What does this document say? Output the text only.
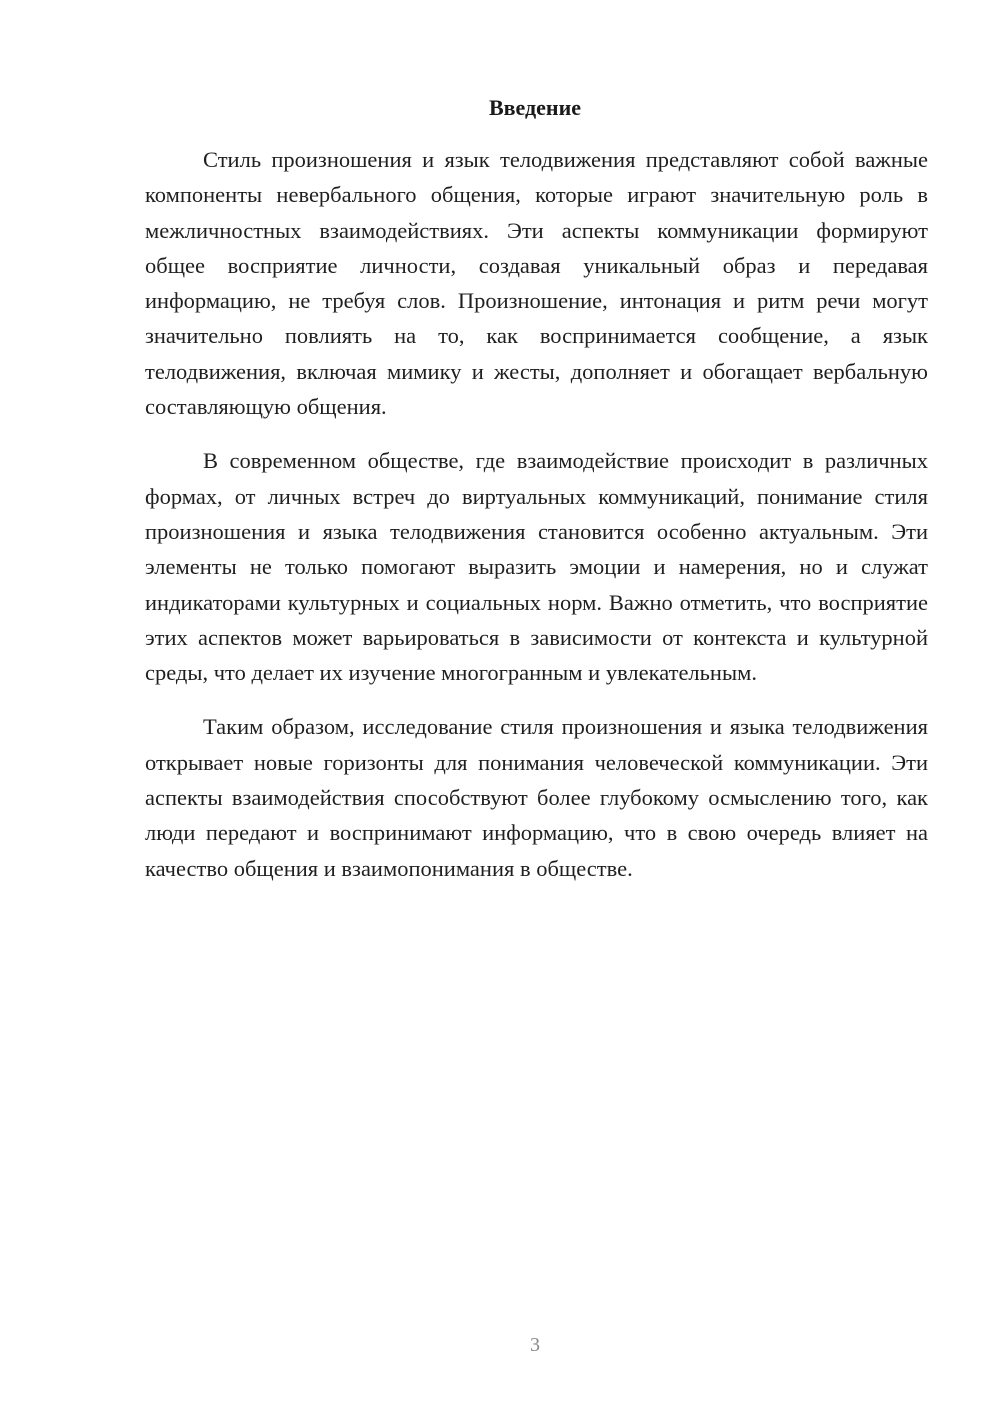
Введение

Стиль произношения и язык телодвижения представляют собой важные компоненты невербального общения, которые играют значительную роль в межличностных взаимодействиях. Эти аспекты коммуникации формируют общее восприятие личности, создавая уникальный образ и передавая информацию, не требуя слов. Произношение, интонация и ритм речи могут значительно повлиять на то, как воспринимается сообщение, а язык телодвижения, включая мимику и жесты, дополняет и обогащает вербальную составляющую общения.

В современном обществе, где взаимодействие происходит в различных формах, от личных встреч до виртуальных коммуникаций, понимание стиля произношения и языка телодвижения становится особенно актуальным. Эти элементы не только помогают выразить эмоции и намерения, но и служат индикаторами культурных и социальных норм. Важно отметить, что восприятие этих аспектов может варьироваться в зависимости от контекста и культурной среды, что делает их изучение многогранным и увлекательным.

Таким образом, исследование стиля произношения и языка телодвижения открывает новые горизонты для понимания человеческой коммуникации. Эти аспекты взаимодействия способствуют более глубокому осмыслению того, как люди передают и воспринимают информацию, что в свою очередь влияет на качество общения и взаимопонимания в обществе.

3
